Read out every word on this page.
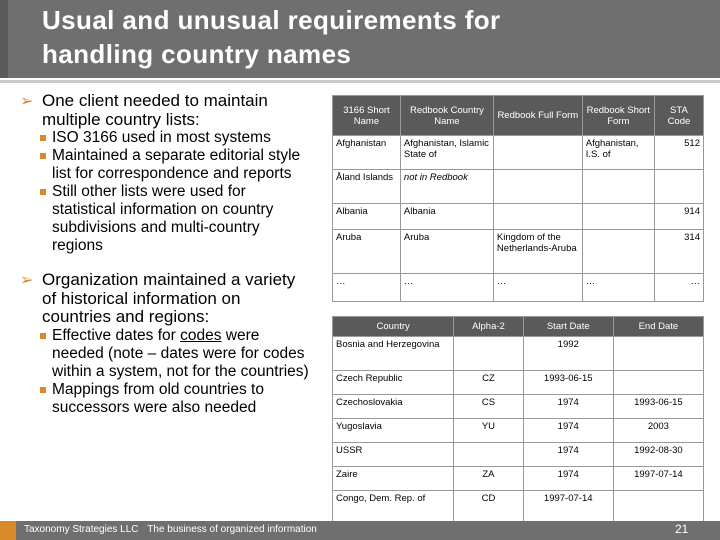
Usual and unusual requirements for
handling country names
➢ One client needed to maintain multiple country lists:
ISO 3166 used in most systems
Maintained a separate editorial style list for correspondence and reports
Still other lists were used for statistical information on country subdivisions and multi-country regions
➢ Organization maintained a variety of historical information on countries and regions:
Effective dates for codes were needed (note – dates were for codes within a system, not for the countries)
Mappings from old countries to successors were also needed
3166 Short Name	Redbook Country Name	Redbook Full Form	Redbook Short Form	STA Code
Afghanistan	Afghanistan, Islamic State of		Afghanistan, I.S. of	512
Åland Islands	not in Redbook			
Albania	Albania			914
Aruba	Aruba	Kingdom of the Netherlands-Aruba		314
…	…	…	…	…
Country	Alpha-2	Start Date	End Date
Bosnia and Herzegovina		1992	
Czech Republic	CZ	1993-06-15	
Czechoslovakia	CS	1974	1993-06-15
Yugoslavia	YU	1974	2003
USSR		1974	1992-08-30
Zaire	ZA	1974	1997-07-14
Congo, Dem. Rep. of	CD	1997-07-14	
Taxonomy Strategies LLC The business of organized information	21
